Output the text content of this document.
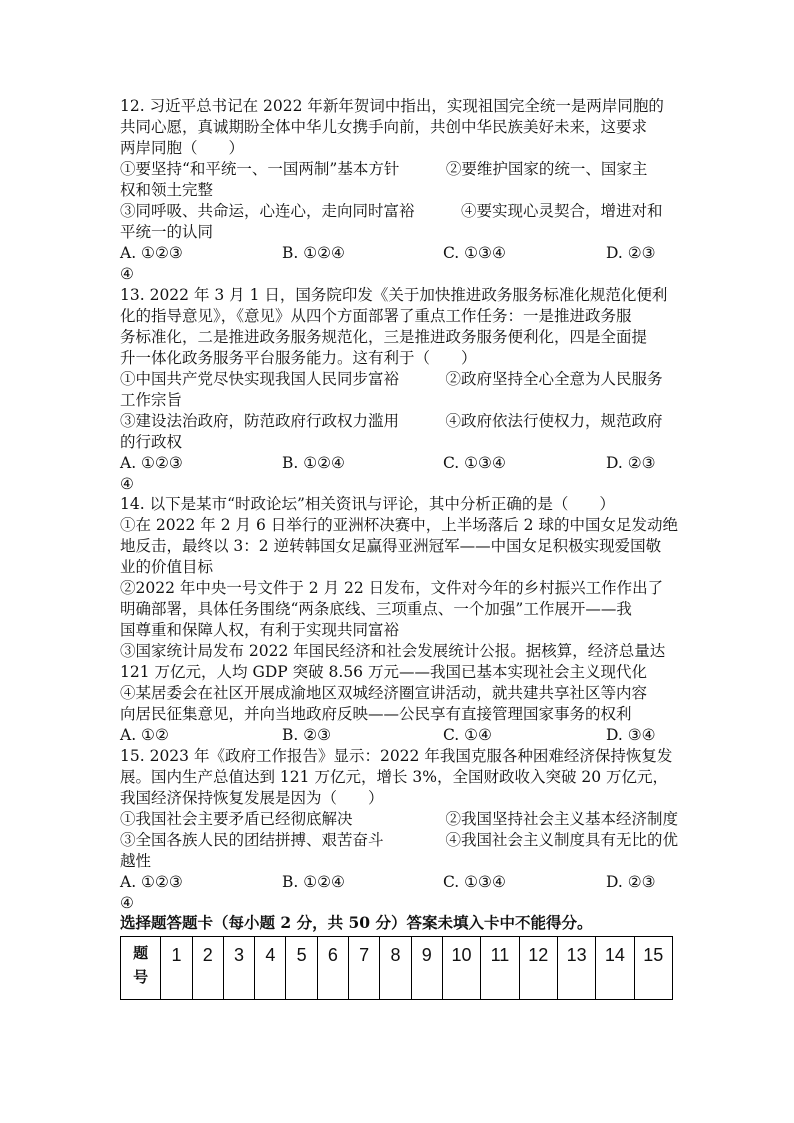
12. 习近平总书记在 2022 年新年贺词中指出，实现祖国完全统一是两岸同胞的
共同心愿，真诚期盼全体中华儿女携手向前，共创中华民族美好未来，这要求
两岸同胞（　　）
①要坚持“和平统一、一国两制”基本方针　　　②要维护国家的统一、国家主
权和领土完整
③同呼吸、共命运，心连心，走向同时富裕　　　④要实现心灵契合，增进对和
平统一的认同
A. ①②③	B. ①②④	C. ①③④	D. ②③
④
13. 2022 年 3 月 1 日，国务院印发《关于加快推进政务服务标准化规范化便利
化的指导意见》，《意见》从四个方面部署了重点工作任务：一是推进政务服
务标准化，二是推进政务服务规范化，三是推进政务服务便利化，四是全面提
升一体化政务服务平台服务能力。这有利于（　　）
①中国共产党尽快实现我国人民同步富裕　　　②政府坚持全心全意为人民服务
工作宗旨
③建设法治政府，防范政府行政权力滥用　　　④政府依法行使权力，规范政府
的行政权
A. ①②③	B. ①②④	C. ①③④	D. ②③
④
14. 以下是某市“时政论坛”相关资讯与评论，其中分析正确的是（　　）
①在 2022 年 2 月 6 日举行的亚洲杯决赛中，上半场落后 2 球的中国女足发动绝
地反击，最终以 3：2 逆转韩国女足赢得亚洲冠军——中国女足积极实现爱国敬
业的价值目标
②2022 年中央一号文件于 2 月 22 日发布，文件对今年的乡村振兴工作作出了
明确部署，具体任务围绕“两条底线、三项重点、一个加强”工作展开——我
国尊重和保障人权，有利于实现共同富裕
③国家统计局发布 2022 年国民经济和社会发展统计公报。据核算，经济总量达
121 万亿元，人均 GDP 突破 8.56 万元——我国已基本实现社会主义现代化
④某居委会在社区开展成渝地区双城经济圈宣讲活动，就共建共享社区等内容
向居民征集意见，并向当地政府反映——公民享有直接管理国家事务的权利
A. ①②	B. ②③	C. ①④	D. ③④
15. 2023 年《政府工作报告》显示：2022 年我国克服各种困难经济保持恢复发
展。国内生产总值达到 121 万亿元，增长 3%，全国财政收入突破 20 万亿元，
我国经济保持恢复发展是因为（　　）
①我国社会主要矛盾已经彻底解决　　　　　　②我国坚持社会主义基本经济制度
③全国各族人民的团结拼搏、艰苦奋斗　　　　④我国社会主义制度具有无比的优
越性
A. ①②③	B. ①②④	C. ①③④	D. ②③
④
选择题答题卡（每小题 2 分，共 50 分）答案未填入卡中不能得分。
题
号
	1	2	3	4	5	6	7	8	9	10	11	12	13	14	15
